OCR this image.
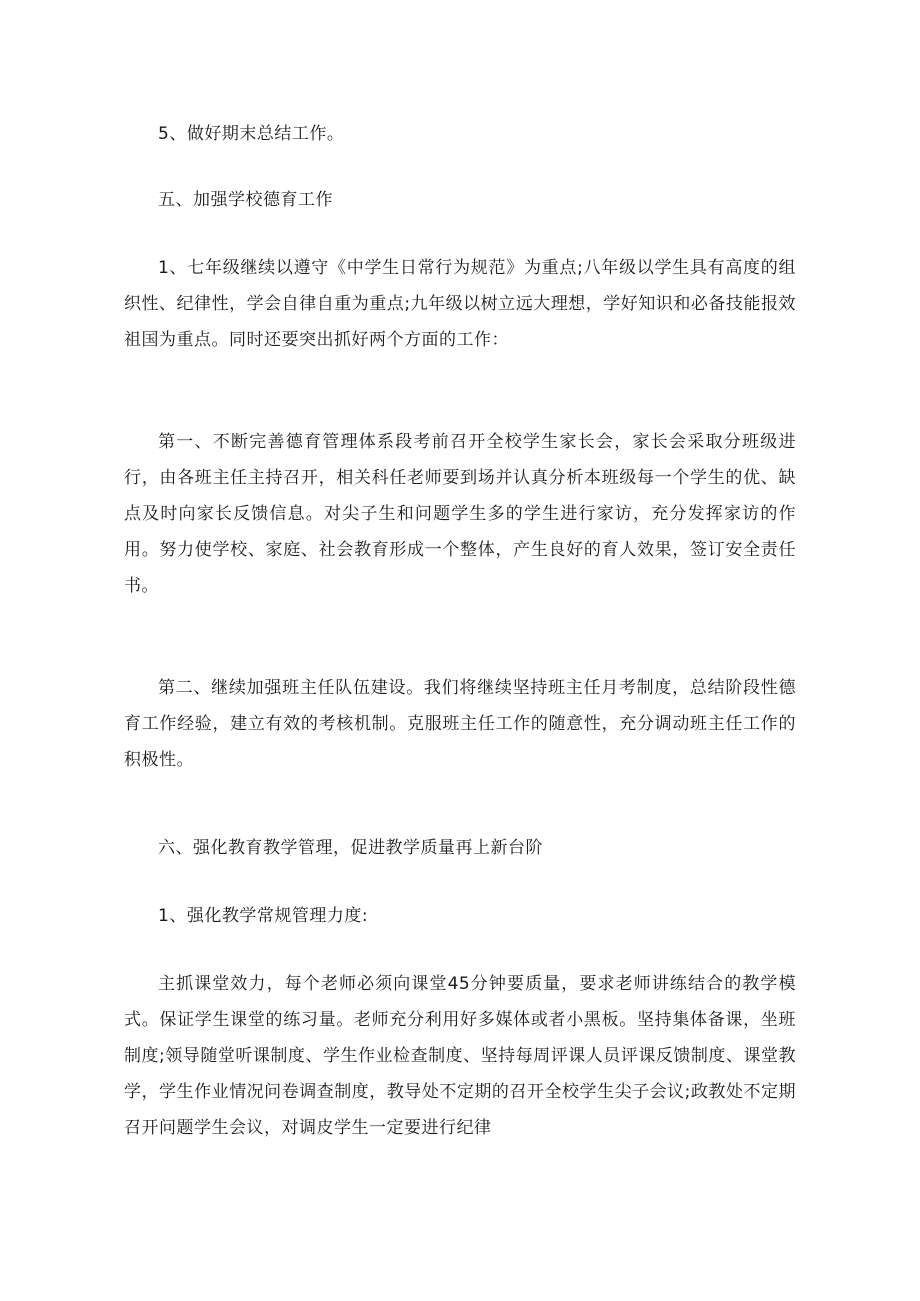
5、做好期末总结工作。

五、加强学校德育工作

1、七年级继续以遵守《中学生日常行为规范》为重点;八年级以学生具有高度的组织性、纪律性，学会自律自重为重点;九年级以树立远大理想，学好知识和必备技能报效祖国为重点。同时还要突出抓好两个方面的工作：

第一、不断完善德育管理体系段考前召开全校学生家长会，家长会采取分班级进行，由各班主任主持召开，相关科任老师要到场并认真分析本班级每一个学生的优、缺点及时向家长反馈信息。对尖子生和问题学生多的学生进行家访，充分发挥家访的作用。努力使学校、家庭、社会教育形成一个整体，产生良好的育人效果，签订安全责任书。

第二、继续加强班主任队伍建设。我们将继续坚持班主任月考制度，总结阶段性德育工作经验，建立有效的考核机制。克服班主任工作的随意性，充分调动班主任工作的积极性。

六、强化教育教学管理，促进教学质量再上新台阶

1、强化教学常规管理力度:

主抓课堂效力，每个老师必须向课堂45分钟要质量，要求老师讲练结合的教学模式。保证学生课堂的练习量。老师充分利用好多媒体或者小黑板。坚持集体备课，坐班制度;领导随堂听课制度、学生作业检查制度、坚持每周评课人员评课反馈制度、课堂教学，学生作业情况问卷调查制度，教导处不定期的召开全校学生尖子会议;政教处不定期召开问题学生会议，对调皮学生一定要进行纪律
